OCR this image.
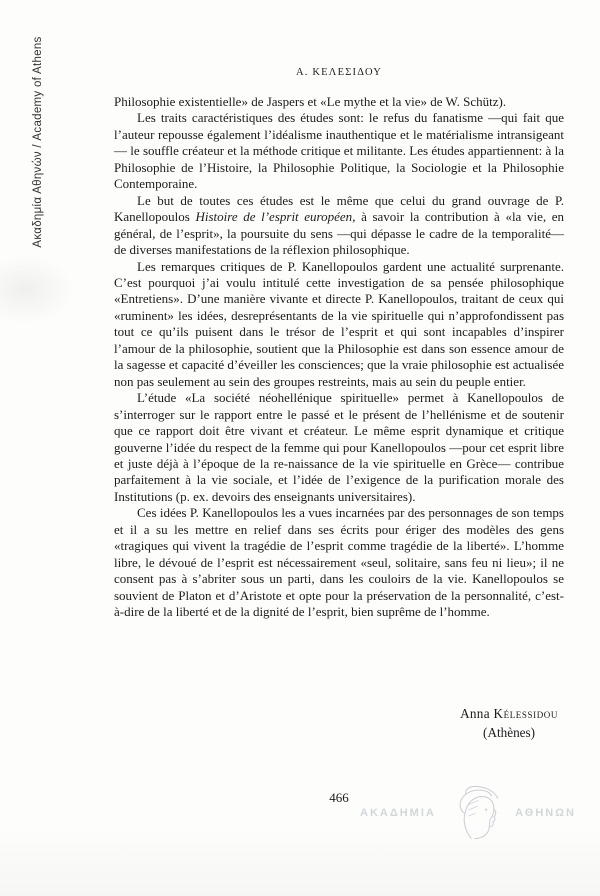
Ακαδημία Αθηνών / Academy of Athens	Α. ΚΕΛΕΣΙΔΟΥ

Philosophie existentielle» de Jaspers et «Le mythe et la vie» de W. Schütz).

Les traits caractéristiques des études sont: le refus du fanatisme —qui fait que l’auteur repousse également l’idéalisme inauthentique et le matérialisme intransigeant— le souffle créateur et la méthode critique et militante. Les études appartiennent: à la Philosophie de l’Histoire, la Philosophie Politique, la Sociologie et la Philosophie Contemporaine.

Le but de toutes ces études est le même que celui du grand ouvrage de P. Kanellopoulos Histoire de l’esprit européen, à savoir la contribution à «la vie, en général, de l’esprit», la poursuite du sens —qui dépasse le cadre de la temporalité— de diverses manifestations de la réflexion philosophique.

Les remarques critiques de P. Kanellopoulos gardent une actualité surprenante. C’est pourquoi j’ai voulu intitulé cette investigation de sa pensée philosophique «Entretiens». D’une manière vivante et directe P. Kanellopoulos, traitant de ceux qui «ruminent» les idées, desreprésentants de la vie spirituelle qui n’approfondissent pas tout ce qu’ils puisent dans le trésor de l’esprit et qui sont incapables d’inspirer l’amour de la philosophie, soutient que la Philosophie est dans son essence amour de la sagesse et capacité d’éveiller les consciences; que la vraie philosophie est actualisée non pas seulement au sein des groupes restreints, mais au sein du peuple entier.

L’étude «La société néohellénique spirituelle» permet à Kanellopoulos de s’interroger sur le rapport entre le passé et le présent de l’hellénisme et de soutenir que ce rapport doit être vivant et créateur. Le même esprit dynamique et critique gouverne l’idée du respect de la femme qui pour Kanellopoulos —pour cet esprit libre et juste déjà à l’époque de la re-naissance de la vie spirituelle en Grèce— contribue parfaitement à la vie sociale, et l’idée de l’exigence de la purification morale des Institutions (p. ex. devoirs des enseignants universitaires).

Ces idées P. Kanellopoulos les a vues incarnées par des personnages de son temps et il a su les mettre en relief dans ses écrits pour ériger des modèles des gens «tragiques qui vivent la tragédie de l’esprit comme tragédie de la liberté». L’homme libre, le dévoué de l’esprit est nécessairement «seul, solitaire, sans feu ni lieu»; il ne consent pas à s’abriter sous un parti, dans les couloirs de la vie. Kanellopoulos se souvient de Platon et d’Aristote et opte pour la préservation de la personnalité, c’est-à-dire de la liberté et de la dignité de l’esprit, bien suprême de l’homme.

Anna Kélessidou
(Athènes)
466
ΑΚΑΔΗΜΙΑ	ΑΘΗΝΩΝ
